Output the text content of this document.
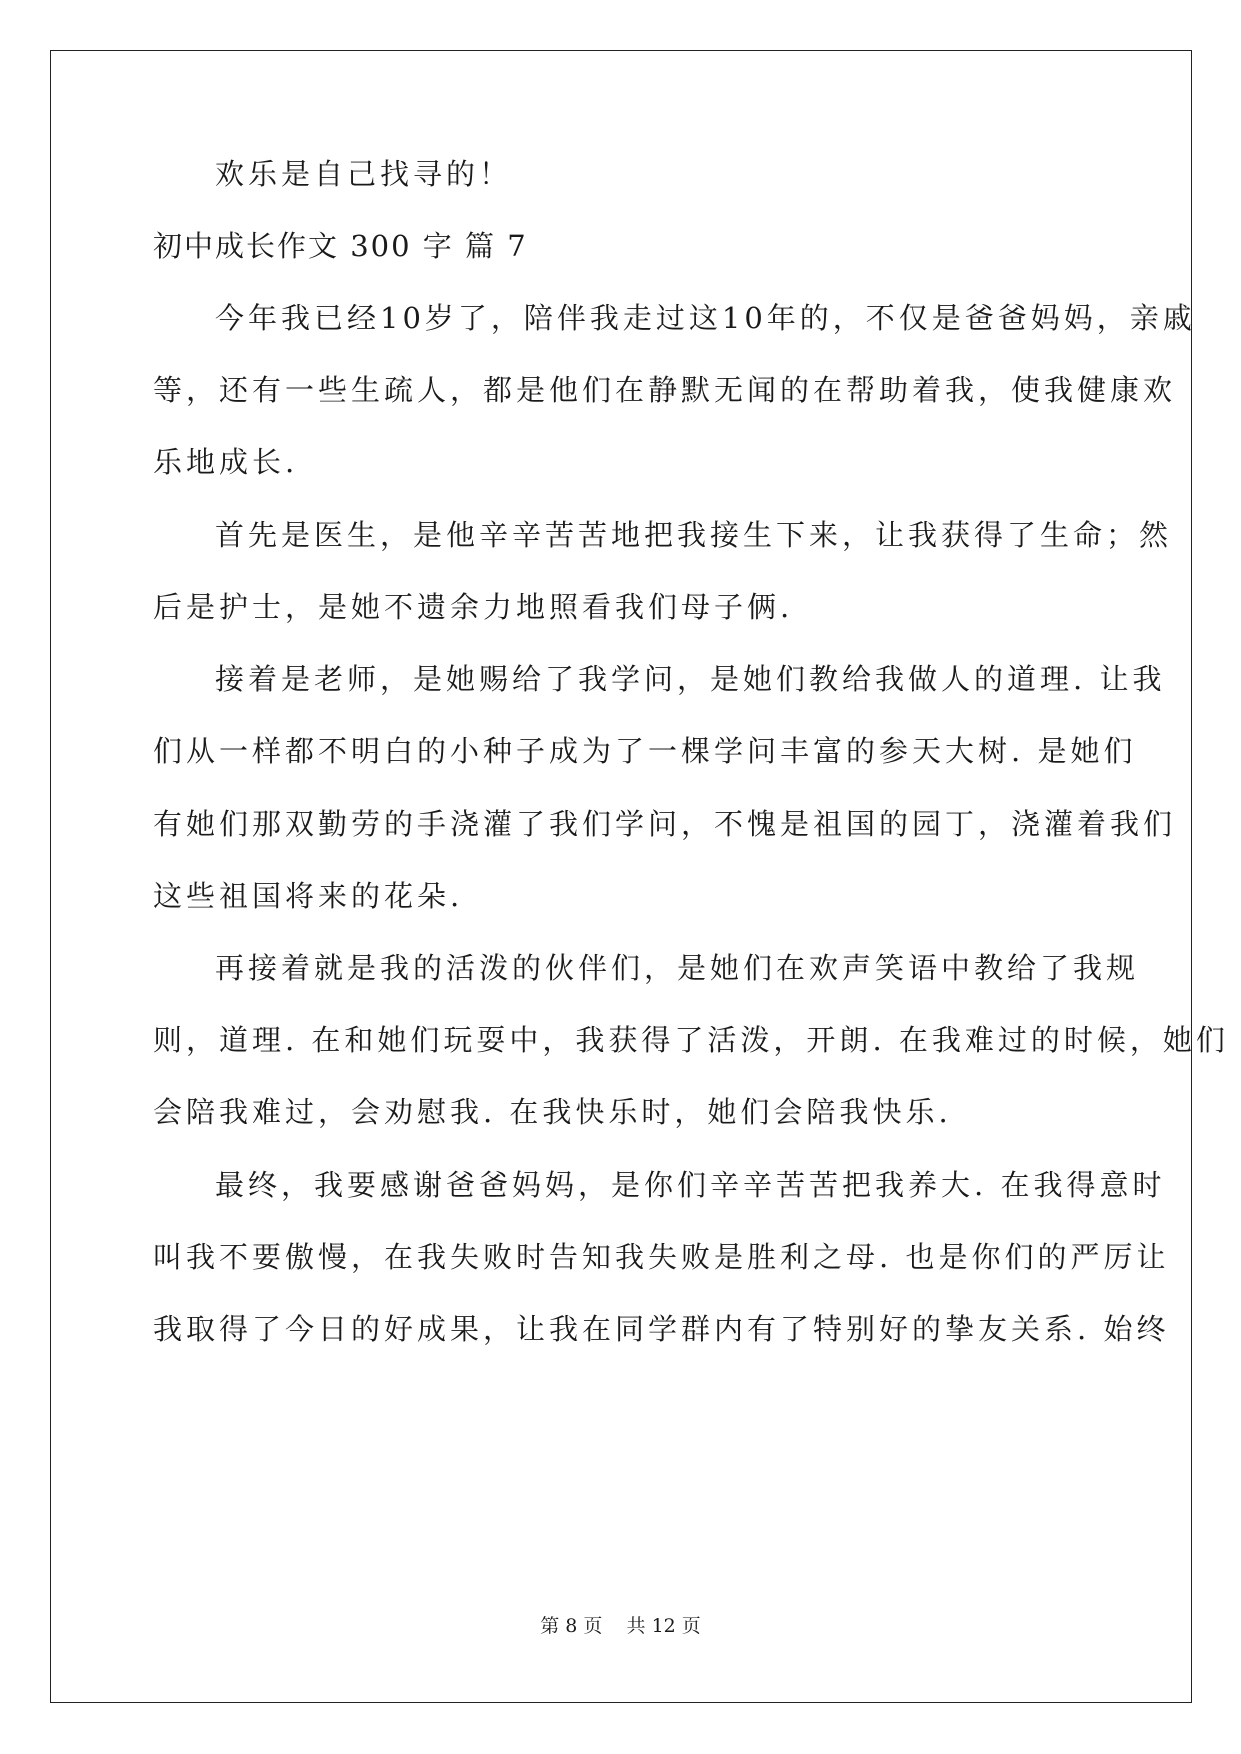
欢乐是自己找寻的！
初中成长作文 300 字 篇 7
今年我已经10岁了，陪伴我走过这10年的，不仅是爸爸妈妈，亲戚
等，还有一些生疏人，都是他们在静默无闻的在帮助着我，使我健康欢
乐地成长.
首先是医生，是他辛辛苦苦地把我接生下来，让我获得了生命；然
后是护士，是她不遗余力地照看我们母子俩.
接着是老师，是她赐给了我学问，是她们教给我做人的道理. 让我
们从一样都不明白的小种子成为了一棵学问丰富的参天大树. 是她们
有她们那双勤劳的手浇灌了我们学问，不愧是祖国的园丁，浇灌着我们
这些祖国将来的花朵.
再接着就是我的活泼的伙伴们，是她们在欢声笑语中教给了我规
则，道理. 在和她们玩耍中，我获得了活泼，开朗. 在我难过的时候，她们
会陪我难过，会劝慰我. 在我快乐时，她们会陪我快乐.
最终，我要感谢爸爸妈妈，是你们辛辛苦苦把我养大. 在我得意时
叫我不要傲慢，在我失败时告知我失败是胜利之母. 也是你们的严厉让
我取得了今日的好成果，让我在同学群内有了特别好的挚友关系. 始终
第 8 页    共 12 页
